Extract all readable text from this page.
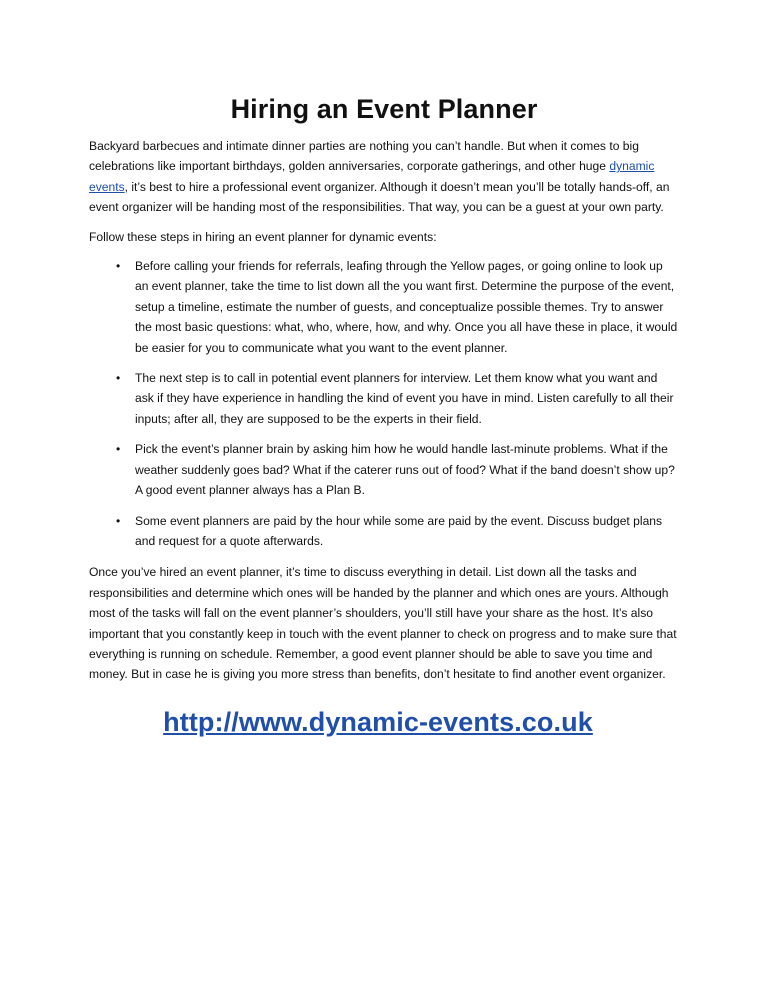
Hiring an Event Planner

Backyard barbecues and intimate dinner parties are nothing you can’t handle. But when it comes to big celebrations like important birthdays, golden anniversaries, corporate gatherings, and other huge dynamic events, it’s best to hire a professional event organizer. Although it doesn’t mean you’ll be totally hands-off, an event organizer will be handing most of the responsibilities. That way, you can be a guest at your own party.

Follow these steps in hiring an event planner for dynamic events:

• Before calling your friends for referrals, leafing through the Yellow pages, or going online to look up an event planner, take the time to list down all the you want first. Determine the purpose of the event, setup a timeline, estimate the number of guests, and conceptualize possible themes. Try to answer the most basic questions: what, who, where, how, and why. Once you all have these in place, it would be easier for you to communicate what you want to the event planner.
• The next step is to call in potential event planners for interview. Let them know what you want and ask if they have experience in handling the kind of event you have in mind. Listen carefully to all their inputs; after all, they are supposed to be the experts in their field.
• Pick the event’s planner brain by asking him how he would handle last-minute problems. What if the weather suddenly goes bad? What if the caterer runs out of food? What if the band doesn’t show up? A good event planner always has a Plan B.
• Some event planners are paid by the hour while some are paid by the event. Discuss budget plans and request for a quote afterwards.

Once you’ve hired an event planner, it’s time to discuss everything in detail. List down all the tasks and responsibilities and determine which ones will be handed by the planner and which ones are yours. Although most of the tasks will fall on the event planner’s shoulders, you’ll still have your share as the host. It’s also important that you constantly keep in touch with the event planner to check on progress and to make sure that everything is running on schedule. Remember, a good event planner should be able to save you time and money. But in case he is giving you more stress than benefits, don’t hesitate to find another event organizer.

http://www.dynamic-events.co.uk
